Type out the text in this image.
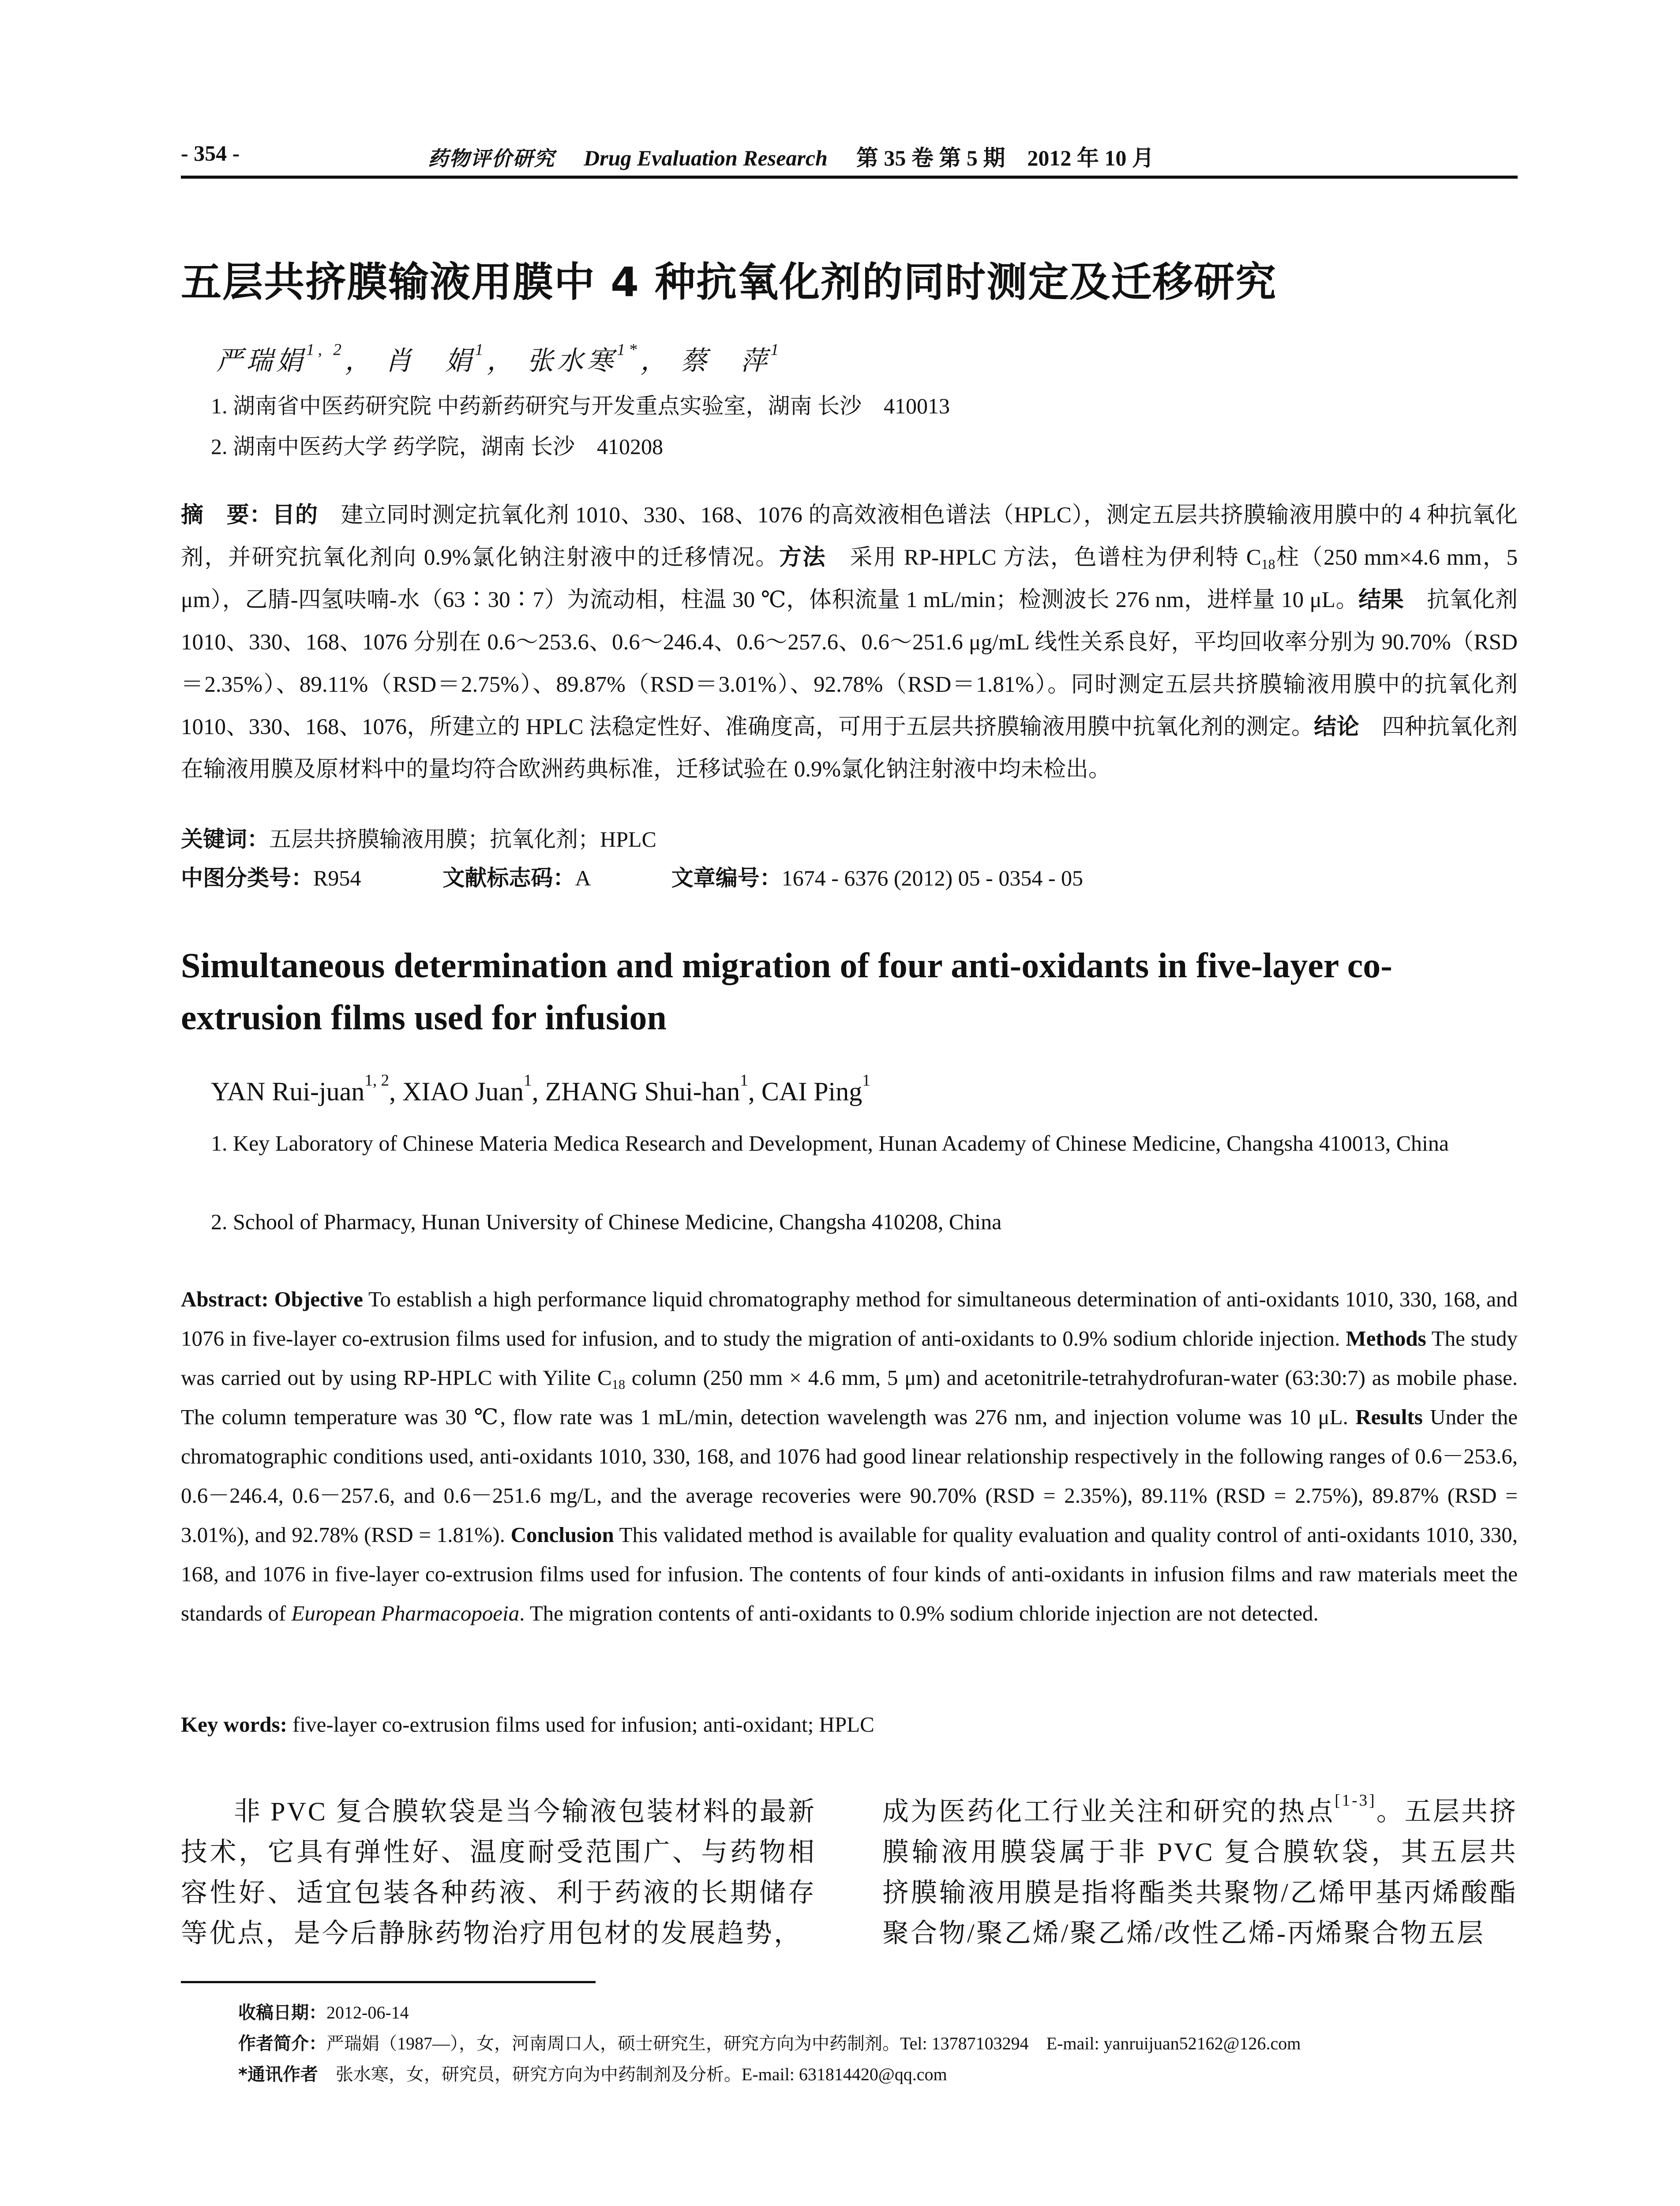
- 354 -	药物评价研究 Drug Evaluation Research 第 35 卷 第 5 期　2012 年 10 月
五层共挤膜输液用膜中 4 种抗氧化剂的同时测定及迁移研究
严瑞娟$^{1, 2}$， 肖　娟$^1$， 张水寒$^{1*}$， 蔡　萍$^1$
1. 湖南省中医药研究院 中药新药研究与开发重点实验室，湖南 长沙　410013
2. 湖南中医药大学 药学院，湖南 长沙　410208
摘　要：目的　建立同时测定抗氧化剂 1010、330、168、1076 的高效液相色谱法（HPLC），测定五层共挤膜输液用膜中的 4 种抗氧化剂，并研究抗氧化剂向 0.9%氯化钠注射液中的迁移情况。方法　采用 RP-HPLC 方法，色谱柱为伊利特 $C_{18}$柱（250 mm×4.6 mm，5 μm），乙腈-四氢呋喃-水（63∶30∶7）为流动相，柱温 30 ℃，体积流量 1 mL/min；检测波长 276 nm，进样量 10 μL。结果　抗氧化剂 1010、330、168、1076 分别在 0.6～253.6、0.6～246.4、0.6～257.6、0.6～251.6 μg/mL 线性关系良好，平均回收率分别为 90.70%（RSD＝2.35%）、89.11%（RSD＝2.75%）、89.87%（RSD＝3.01%）、92.78%（RSD＝1.81%）。同时测定五层共挤膜输液用膜中的抗氧化剂 1010、330、168、1076，所建立的 HPLC 法稳定性好、准确度高，可用于五层共挤膜输液用膜中抗氧化剂的测定。结论　四种抗氧化剂在输液用膜及原材料中的量均符合欧洲药典标准，迁移试验在 0.9%氯化钠注射液中均未检出。
关键词：五层共挤膜输液用膜；抗氧化剂；HPLC
中图分类号：R954	文献标志码：A	文章编号：1674 - 6376 (2012) 05 - 0354 - 05
Simultaneous determination and migration of four anti-oxidants in five-layer co-extrusion films used for infusion
YAN Rui-juan$^{1, 2}$, XIAO Juan$^1$, ZHANG Shui-han$^1$, CAI Ping$^1$
1. Key Laboratory of Chinese Materia Medica Research and Development, Hunan Academy of Chinese Medicine, Changsha 410013, China
2. School of Pharmacy, Hunan University of Chinese Medicine, Changsha 410208, China
Abstract: Objective To establish a high performance liquid chromatography method for simultaneous determination of anti-oxidants 1010, 330, 168, and 1076 in five-layer co-extrusion films used for infusion, and to study the migration of anti-oxidants to 0.9% sodium chloride injection. Methods The study was carried out by using RP-HPLC with Yilite $C_{18}$ column (250 mm × 4.6 mm, 5 μm) and acetonitrile-tetrahydrofuran-water (63:30:7) as mobile phase. The column temperature was 30 ℃, flow rate was 1 mL/min, detection wavelength was 276 nm, and injection volume was 10 μL. Results Under the chromatographic conditions used, anti-oxidants 1010, 330, 168, and 1076 had good linear relationship respectively in the following ranges of 0.6－253.6, 0.6－246.4, 0.6－257.6, and 0.6－251.6 mg/L, and the average recoveries were 90.70% (RSD = 2.35%), 89.11% (RSD = 2.75%), 89.87% (RSD = 3.01%), and 92.78% (RSD = 1.81%). Conclusion This validated method is available for quality evaluation and quality control of anti-oxidants 1010, 330, 168, and 1076 in five-layer co-extrusion films used for infusion. The contents of four kinds of anti-oxidants in infusion films and raw materials meet the standards of European Pharmacopoeia. The migration contents of anti-oxidants to 0.9% sodium chloride injection are not detected.
Key words: five-layer co-extrusion films used for infusion; anti-oxidant; HPLC
非 PVC 复合膜软袋是当今输液包装材料的最新技术，它具有弹性好、温度耐受范围广、与药物相容性好、适宜包装各种药液、利于药液的长期储存等优点，是今后静脉药物治疗用包材的发展趋势，
成为医药化工行业关注和研究的热点[1-3]。五层共挤膜输液用膜袋属于非 PVC 复合膜软袋，其五层共挤膜输液用膜是指将酯类共聚物/乙烯甲基丙烯酸酯聚合物/聚乙烯/聚乙烯/改性乙烯-丙烯聚合物五层
收稿日期：2012-06-14
作者简介：严瑞娟（1987—），女，河南周口人，硕士研究生，研究方向为中药制剂。Tel: 13787103294　E-mail: yanruijuan52162@126.com
*通讯作者　张水寒，女，研究员，研究方向为中药制剂及分析。E-mail: 631814420@qq.com
